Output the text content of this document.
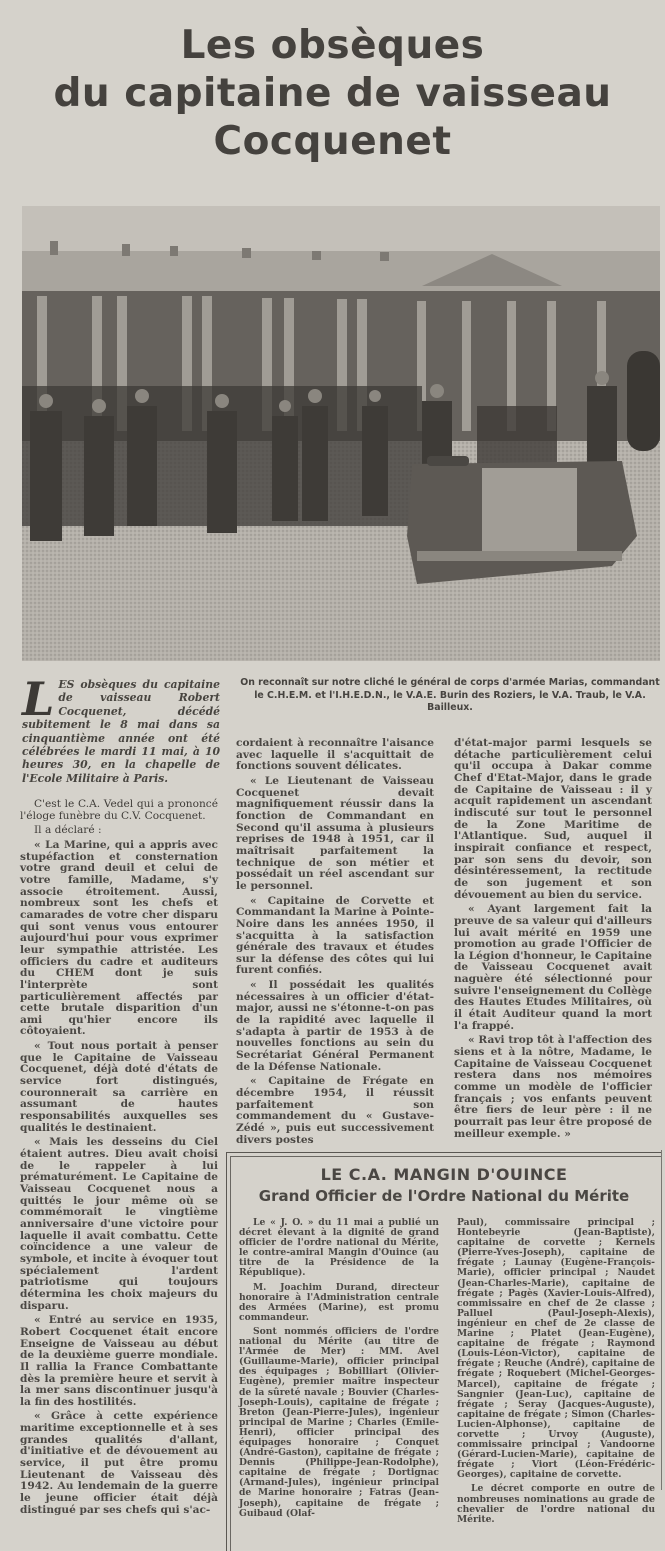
Les obsèques
du capitaine de vaisseau
Cocquenet
L ES obsèques du capitaine de vaisseau Robert Cocquenet, décédé subitement le 8 mai dans sa cinquantième année ont été célébrées le mardi 11 mai, à 10 heures 30, en la chapelle de l'Ecole Militaire à Paris.
On reconnaît sur notre cliché le général de corps d'armée Marias, commandant le C.H.E.M. et l'I.H.E.D.N., le V.A.E. Burin des Roziers, le V.A. Traub, le V.A. Bailleux.

C'est le C.A. Vedel qui a prononcé l'éloge funèbre du C.V. Cocquenet.

Il a déclaré :

« La Marine, qui a appris avec stupéfaction et consternation votre grand deuil et celui de votre famille, Madame, s'y associe étroitement. Aussi, nombreux sont les chefs et camarades de votre cher disparu qui sont venus vous entourer aujourd'hui pour vous exprimer leur sympathie attristée. Les officiers du cadre et auditeurs du CHEM dont je suis l'interprète sont particulièrement affectés par cette brutale disparition d'un ami qu'hier encore ils côtoyaient.

« Tout nous portait à penser que le Capitaine de Vaisseau Cocquenet, déjà doté d'états de service fort distingués, couronnerait sa carrière en assumant de hautes responsabilités auxquelles ses qualités le destinaient.

« Mais les desseins du Ciel étaient autres. Dieu avait choisi de le rappeler à lui prématurément. Le Capitaine de Vaisseau Cocquenet nous a quittés le jour même où se commémorait le vingtième anniversaire d'une victoire pour laquelle il avait combattu. Cette coïncidence a une valeur de symbole, et incite à évoquer tout spécialement l'ardent patriotisme qui toujours détermina les choix majeurs du disparu.

« Entré au service en 1935, Robert Cocquenet était encore Enseigne de Vaisseau au début de la deuxième guerre mondiale. Il rallia la France Combattante dès la première heure et servit à la mer sans discontinuer jusqu'à la fin des hostilités.

« Grâce à cette expérience maritime exceptionnelle et à ses grandes qualités d'allant, d'initiative et de dévouement au service, il put être promu Lieutenant de Vaisseau dès 1942. Au lendemain de la guerre le jeune officier était déjà distingué par ses chefs qui s'ac-

cordaient à reconnaître l'aisance avec laquelle il s'acquittait de fonctions souvent délicates.

« Le Lieutenant de Vaisseau Cocquenet devait magnifiquement réussir dans la fonction de Commandant en Second qu'il assuma à plusieurs reprises de 1948 à 1951, car il maîtrisait parfaitement la technique de son métier et possédait un réel ascendant sur le personnel.

« Capitaine de Corvette et Commandant la Marine à Pointe-Noire dans les années 1950, il s'acquitta à la satisfaction générale des travaux et études sur la défense des côtes qui lui furent confiés.

« Il possédait les qualités nécessaires à un officier d'état-major, aussi ne s'étonne-t-on pas de la rapidité avec laquelle il s'adapta à partir de 1953 à de nouvelles fonctions au sein du Secrétariat Général Permanent de la Défense Nationale.

« Capitaine de Frégate en décembre 1954, il réussit parfaitement son commandement du « Gustave-Zédé », puis eut successivement divers postes

d'état-major parmi lesquels se détache particulièrement celui qu'il occupa à Dakar comme Chef d'Etat-Major, dans le grade de Capitaine de Vaisseau : il y acquit rapidement un ascendant indiscuté sur tout le personnel de la Zone Maritime de l'Atlantique. Sud, auquel il inspirait confiance et respect, par son sens du devoir, son désintéressement, la rectitude de son jugement et son dévouement au bien du service.

« Ayant largement fait la preuve de sa valeur qui d'ailleurs lui avait mérité en 1959 une promotion au grade l'Officier de la Légion d'honneur, le Capitaine de Vaisseau Cocquenet avait naguère été sélectionné pour suivre l'enseignement du Collège des Hautes Etudes Militaires, où il était Auditeur quand la mort l'a frappé.

« Ravi trop tôt à l'affection des siens et à la nôtre, Madame, le Capitaine de Vaisseau Cocquenet restera dans nos mémoires comme un modèle de l'officier français ; vos enfants peuvent être fiers de leur père : il ne pourrait pas leur être proposé de meilleur exemple. »

LE C.A. MANGIN D'OUINCE
Grand Officier de l'Ordre National du Mérite

Le « J. O. » du 11 mai a publié un décret élevant à la dignité de grand officier de l'ordre national du Mérite, le contre-amiral Mangin d'Ouince (au titre de la Présidence de la République).

M. Joachim Durand, directeur honoraire à l'Administration centrale des Armées (Marine), est promu commandeur.

Sont nommés officiers de l'ordre national du Mérite (au titre de l'Armée de Mer) : MM. Avel (Guillaume-Marie), officier principal des équipages ; Bobilliart (Olivier-Eugène), premier maître inspecteur de la sûreté navale ; Bouvier (Charles-Joseph-Louis), capitaine de frégate ; Breton (Jean-Pierre-Jules), ingénieur principal de Marine ; Charles (Emile-Henri), officier principal des équipages honoraire ; Conquet (André-Gaston), capitaine de frégate ; Dennis (Philippe-Jean-Rodolphe), capitaine de frégate ; Dortignac (Armand-Jules), ingénieur principal de Marine honoraire ; Fatras (Jean-Joseph), capitaine de frégate ; Guibaud (Olaf-

Paul), commissaire principal ; Hontebeyrie (Jean-Baptiste), capitaine de corvette ; Kernels (Pierre-Yves-Joseph), capitaine de frégate ; Launay (Eugène-François-Marie), officier principal ; Naudet (Jean-Charles-Marie), capitaine de frégate ; Pagès (Xavier-Louis-Alfred), commissaire en chef de 2e classe ; Palluel (Paul-Joseph-Alexis), ingénieur en chef de 2e classe de Marine ; Platet (Jean-Eugène), capitaine de frégate ; Raymond (Louis-Léon-Victor), capitaine de frégate ; Reuche (André), capitaine de frégate ; Roquebert (Michel-Georges-Marcel), capitaine de frégate ; Sangnier (Jean-Luc), capitaine de frégate ; Seray (Jacques-Auguste), capitaine de frégate ; Simon (Charles-Lucien-Alphonse), capitaine de corvette ; Urvoy (Auguste), commissaire principal ; Vandoorne (Gérard-Lucien-Marie), capitaine de frégate ; Viort (Léon-Frédéric-Georges), capitaine de corvette.

Le décret comporte en outre de nombreuses nominations au grade de chevalier de l'ordre national du Mérite.
